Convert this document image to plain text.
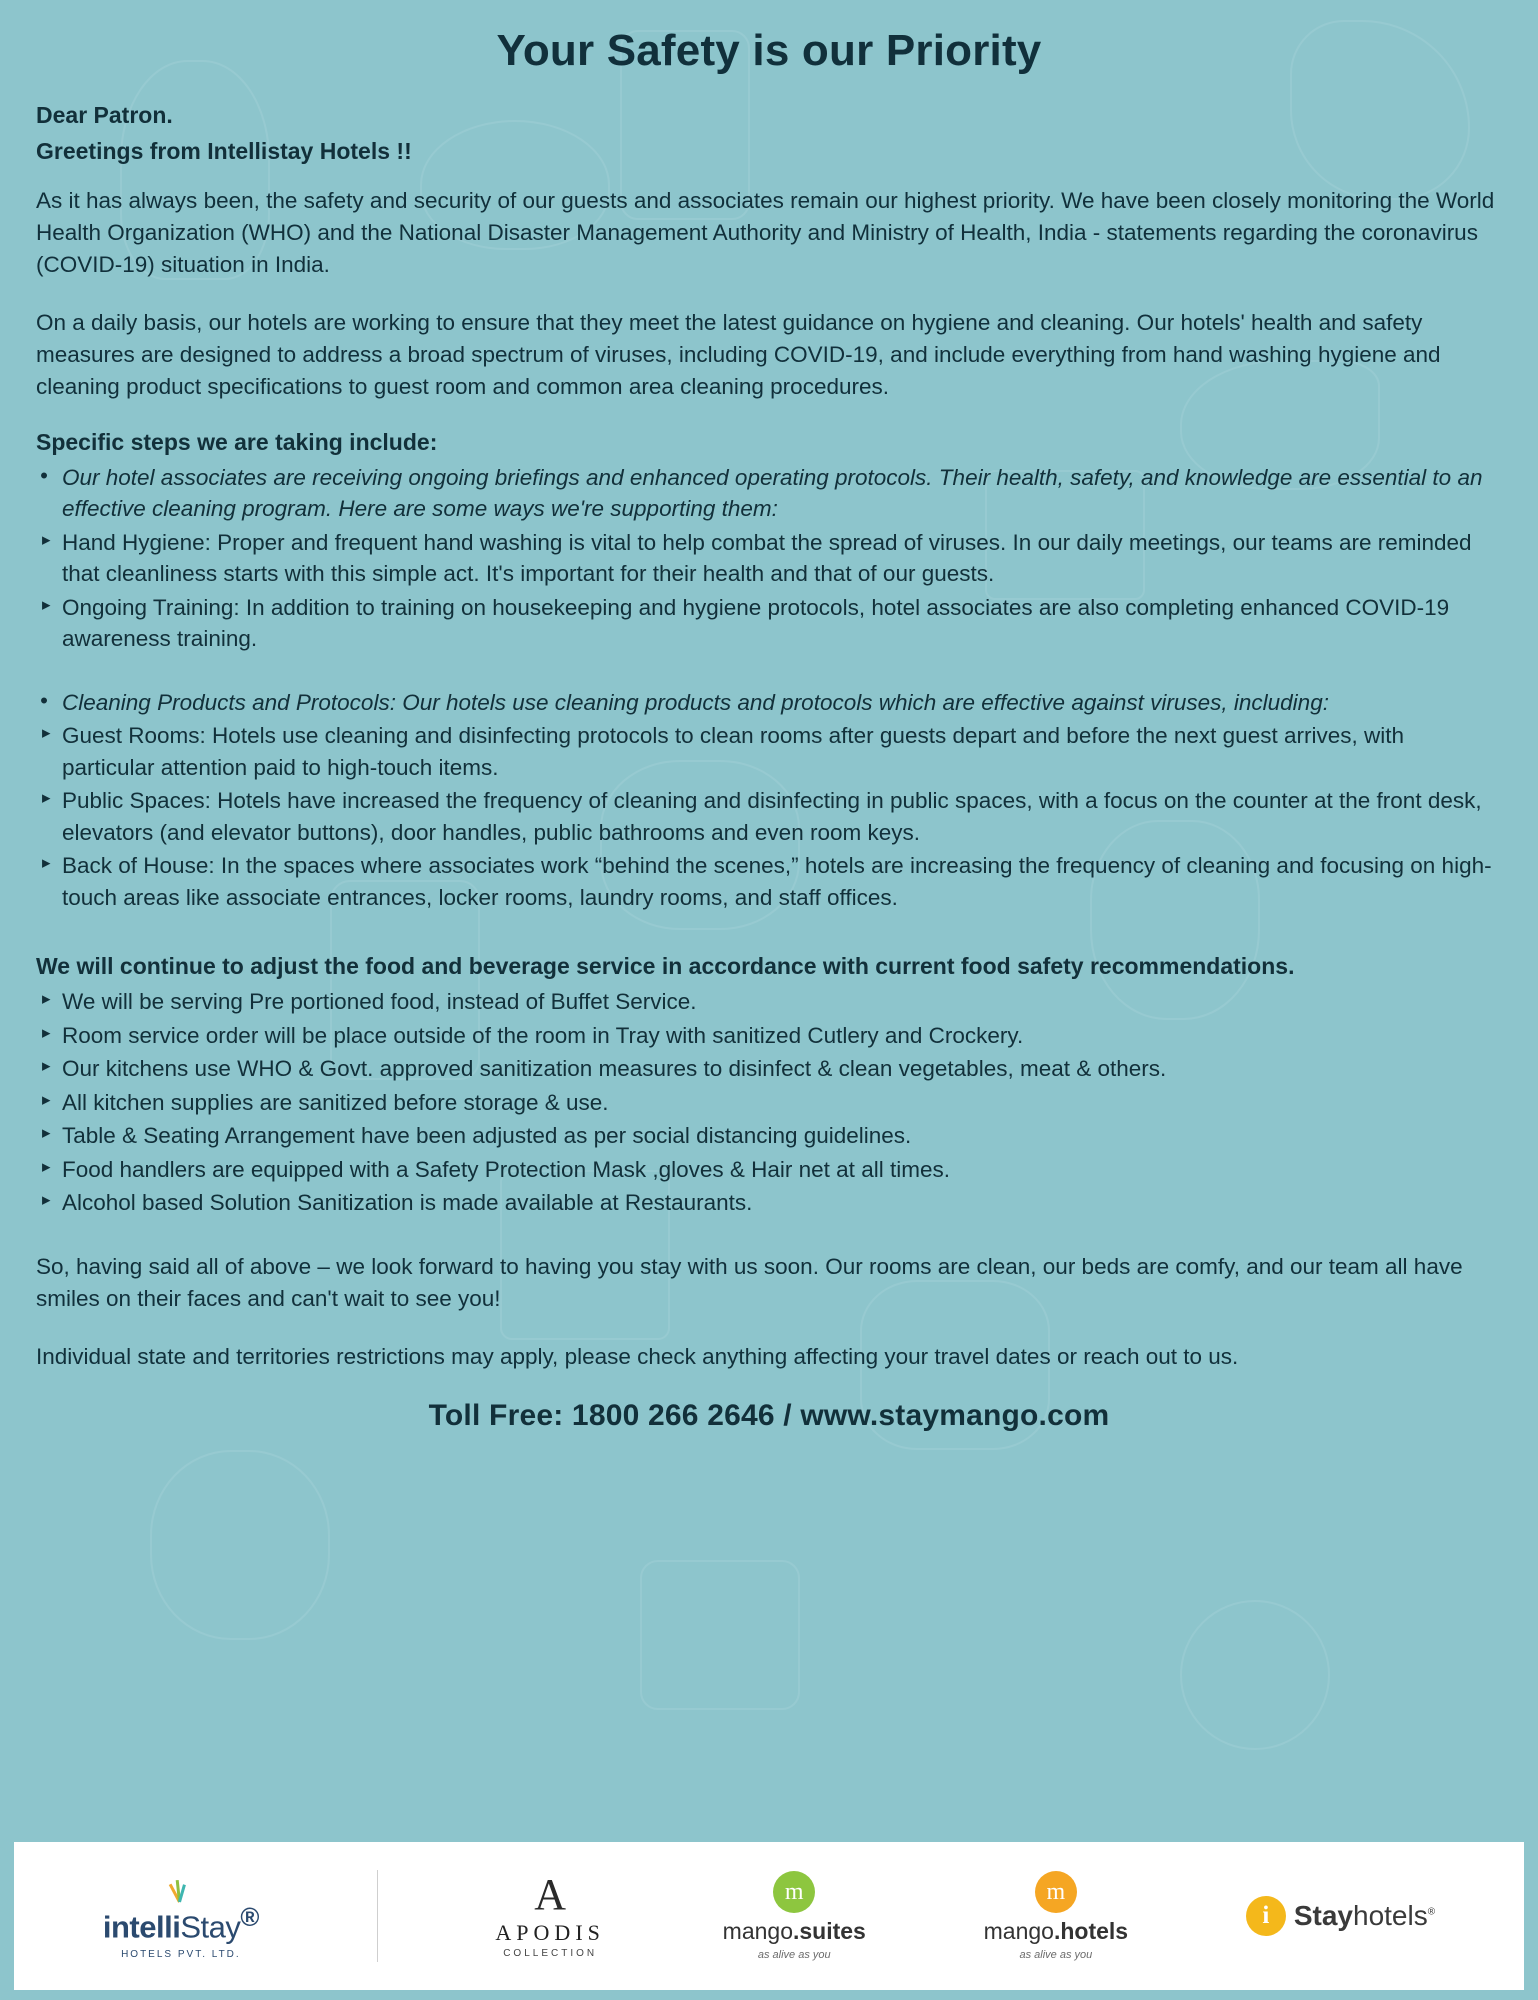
Your Safety is our Priority
Dear Patron.
Greetings from Intellistay Hotels !!

As it has always been, the safety and security of our guests and associates remain our highest priority. We have been closely monitoring the World Health Organization (WHO) and the National Disaster Management Authority and Ministry of Health, India - statements regarding the coronavirus (COVID-19) situation in India.

On a daily basis, our hotels are working to ensure that they meet the latest guidance on hygiene and cleaning. Our hotels' health and safety measures are designed to address a broad spectrum of viruses, including COVID-19, and include everything from hand washing hygiene and cleaning product specifications to guest room and common area cleaning procedures.

Specific steps we are taking include:
• Our hotel associates are receiving ongoing briefings and enhanced operating protocols. Their health, safety, and knowledge are essential to an effective cleaning program. Here are some ways we're supporting them:
▸ Hand Hygiene: Proper and frequent hand washing is vital to help combat the spread of viruses. In our daily meetings, our teams are reminded that cleanliness starts with this simple act. It's important for their health and that of our guests.
▸ Ongoing Training: In addition to training on housekeeping and hygiene protocols, hotel associates are also completing enhanced COVID-19 awareness training.
• Cleaning Products and Protocols: Our hotels use cleaning products and protocols which are effective against viruses, including:
▸ Guest Rooms: Hotels use cleaning and disinfecting protocols to clean rooms after guests depart and before the next guest arrives, with particular attention paid to high-touch items.
▸ Public Spaces: Hotels have increased the frequency of cleaning and disinfecting in public spaces, with a focus on the counter at the front desk, elevators (and elevator buttons), door handles, public bathrooms and even room keys.
▸ Back of House: In the spaces where associates work “behind the scenes,” hotels are increasing the frequency of cleaning and focusing on high-touch areas like associate entrances, locker rooms, laundry rooms, and staff offices.
We will continue to adjust the food and beverage service in accordance with current food safety recommendations.
▸ We will be serving Pre portioned food, instead of Buffet Service.
▸ Room service order will be place outside of the room in Tray with sanitized Cutlery and Crockery.
▸ Our kitchens use WHO & Govt. approved sanitization measures to disinfect & clean vegetables, meat & others.
▸ All kitchen supplies are sanitized before storage & use.
▸ Table & Seating Arrangement have been adjusted as per social distancing guidelines.
▸ Food handlers are equipped with a Safety Protection Mask ,gloves & Hair net at all times.
▸ Alcohol based Solution Sanitization is made available at Restaurants.

So, having said all of above – we look forward to having you stay with us soon. Our rooms are clean, our beds are comfy, and our team all have smiles on their faces and can't wait to see you!

Individual state and territories restrictions may apply, please check anything affecting your travel dates or reach out to us.

Toll Free: 1800 266 2646 / www.staymango.com
intelliStay®
HOTELS PVT. LTD.
A
APODIS
COLLECTION
m
mango.suites
as alive as you
m
mango.hotels
as alive as you
i Stayhotels®
